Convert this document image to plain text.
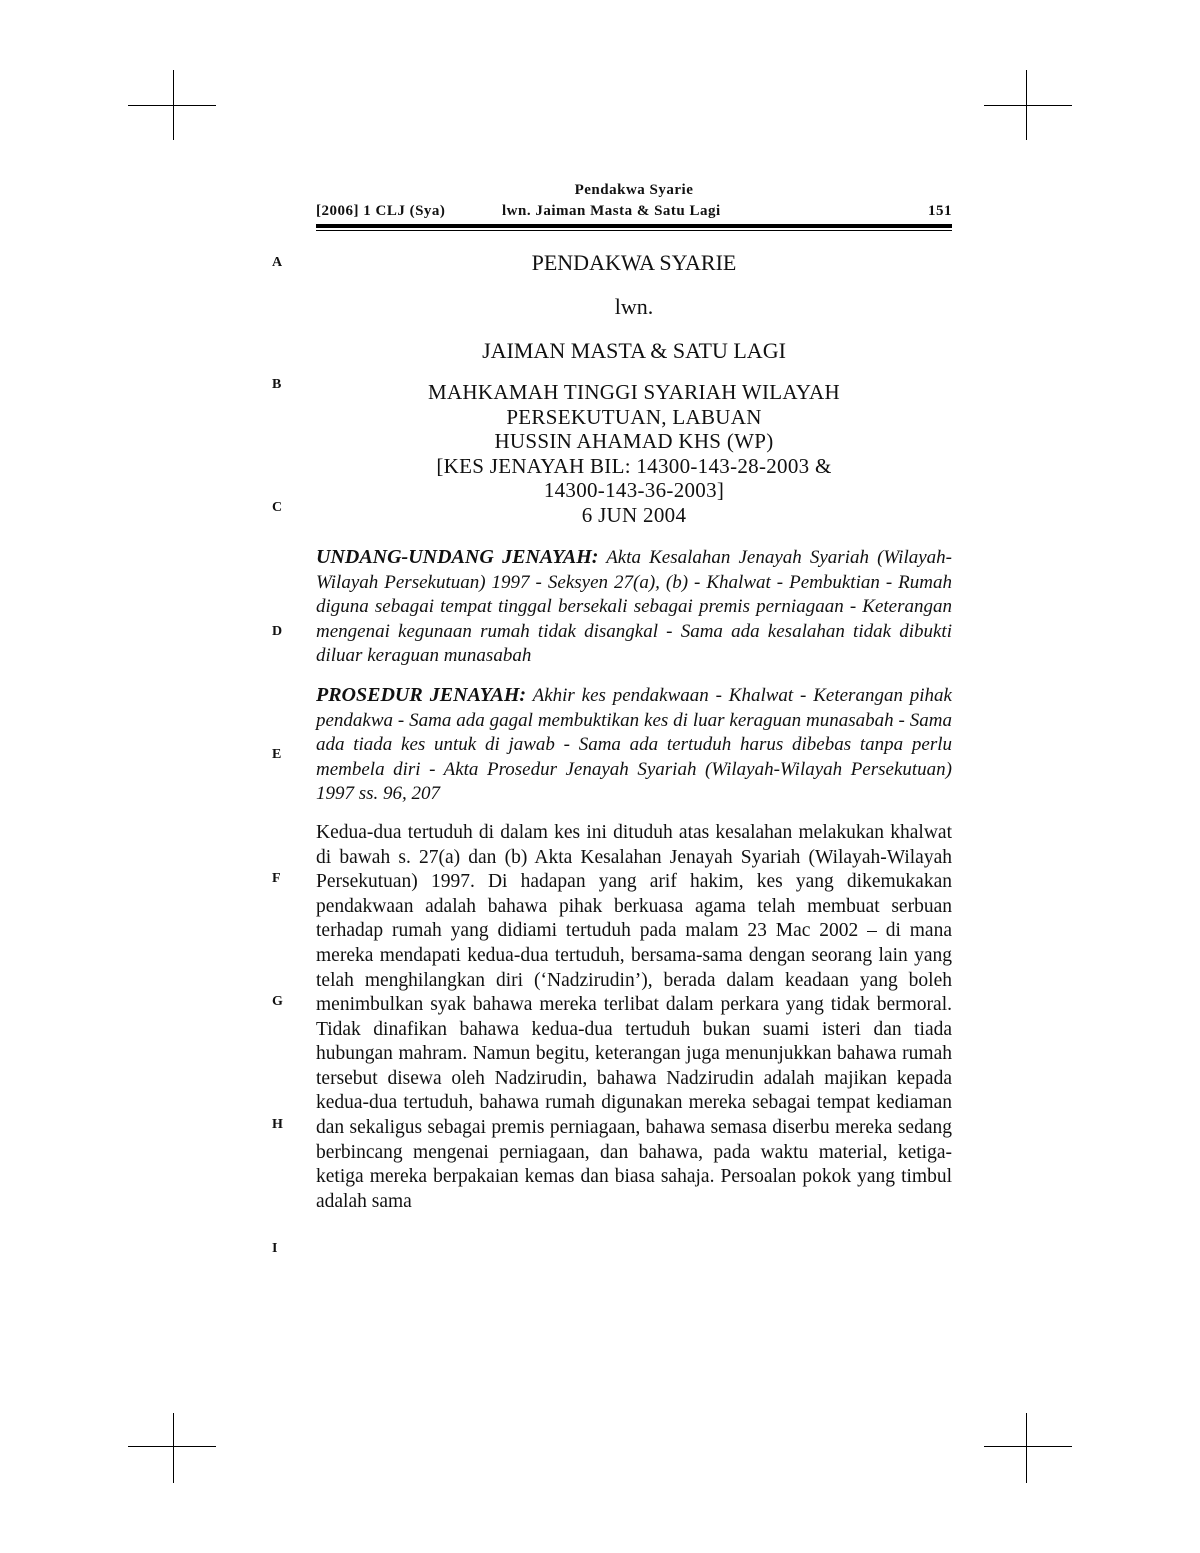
Pendakwa Syarie
[2006] 1 CLJ (Sya)	lwn. Jaiman Masta & Satu Lagi	151
A
B
C
D
E
F
G
H
I
PENDAKWA SYARIE
lwn.
JAIMAN MASTA & SATU LAGI
MAHKAMAH TINGGI SYARIAH WILAYAH
PERSEKUTUAN, LABUAN
HUSSIN AHAMAD KHS (WP)
[KES JENAYAH BIL: 14300-143-28-2003 &
14300-143-36-2003]
6 JUN 2004
UNDANG-UNDANG JENAYAH: Akta Kesalahan Jenayah Syariah (Wilayah-Wilayah Persekutuan) 1997 - Seksyen 27(a), (b) - Khalwat - Pembuktian - Rumah diguna sebagai tempat tinggal bersekali sebagai premis perniagaan - Keterangan mengenai kegunaan rumah tidak disangkal - Sama ada kesalahan tidak dibukti diluar keraguan munasabah
PROSEDUR JENAYAH: Akhir kes pendakwaan - Khalwat - Keterangan pihak pendakwa - Sama ada gagal membuktikan kes di luar keraguan munasabah - Sama ada tiada kes untuk di jawab - Sama ada tertuduh harus dibebas tanpa perlu membela diri - Akta Prosedur Jenayah Syariah (Wilayah-Wilayah Persekutuan) 1997 ss. 96, 207
Kedua-dua tertuduh di dalam kes ini dituduh atas kesalahan melakukan khalwat di bawah s. 27(a) dan (b) Akta Kesalahan Jenayah Syariah (Wilayah-Wilayah Persekutuan) 1997. Di hadapan yang arif hakim, kes yang dikemukakan pendakwaan adalah bahawa pihak berkuasa agama telah membuat serbuan terhadap rumah yang didiami tertuduh pada malam 23 Mac 2002 – di mana mereka mendapati kedua-dua tertuduh, bersama-sama dengan seorang lain yang telah menghilangkan diri (‘Nadzirudin’), berada dalam keadaan yang boleh menimbulkan syak bahawa mereka terlibat dalam perkara yang tidak bermoral. Tidak dinafikan bahawa kedua-dua tertuduh bukan suami isteri dan tiada hubungan mahram. Namun begitu, keterangan juga menunjukkan bahawa rumah tersebut disewa oleh Nadzirudin, bahawa Nadzirudin adalah majikan kepada kedua-dua tertuduh, bahawa rumah digunakan mereka sebagai tempat kediaman dan sekaligus sebagai premis perniagaan, bahawa semasa diserbu mereka sedang berbincang mengenai perniagaan, dan bahawa, pada waktu material, ketiga-ketiga mereka berpakaian kemas dan biasa sahaja. Persoalan pokok yang timbul adalah sama
